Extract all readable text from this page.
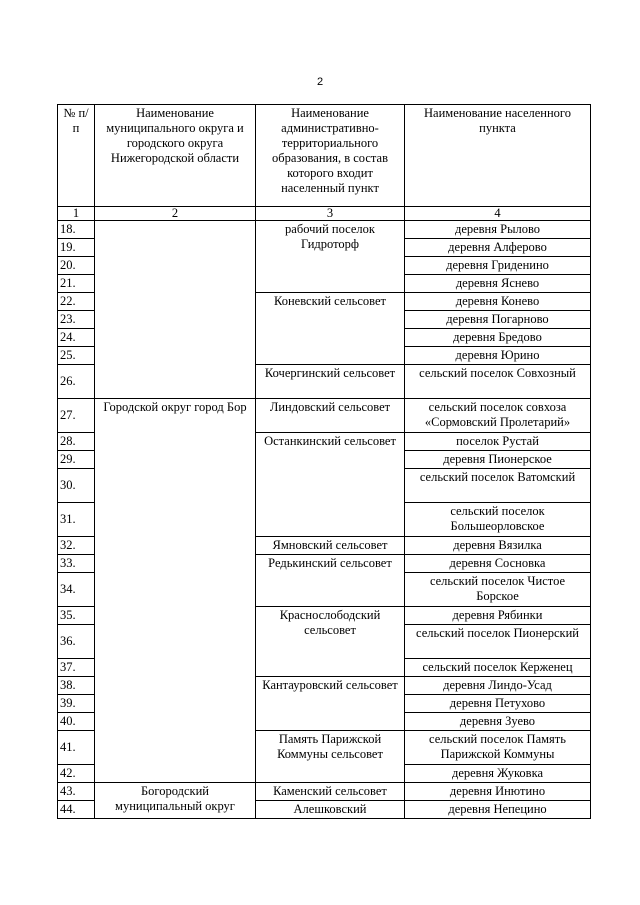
2
№ п/п	Наименование муниципального округа и городского округа Нижегородской области	Наименование административно-территориального образования, в состав которого входит населенный пункт	Наименование населенного пункта
1	2	3	4
18.		рабочий поселок Гидроторф	деревня Рылово
19.			деревня Алферово
20.			деревня Гриденино
21.			деревня Яснево
22.		Коневский сельсовет	деревня Конево
23.			деревня Погарново
24.			деревня Бредово
25.			деревня Юрино
26.		Кочергинский сельсовет	сельский поселок Совхозный
27.	Городской округ город Бор	Линдовский сельсовет	сельский поселок совхоза «Сормовский Пролетарий»
28.		Останкинский сельсовет	поселок Рустай
29.			деревня Пионерское
30.			сельский поселок Ватомский
31.			сельский поселок Большеорловское
32.		Ямновский сельсовет	деревня Вязилка
33.		Редькинский сельсовет	деревня Сосновка
34.			сельский поселок Чистое Борское
35.		Краснослободский сельсовет	деревня Рябинки
36.			сельский поселок Пионерский
37.			сельский поселок Керженец
38.		Кантауровский сельсовет	деревня Линдо-Усад
39.			деревня Петухово
40.			деревня Зуево
41.		Память Парижской Коммуны сельсовет	сельский поселок Память Парижской Коммуны
42.			деревня Жуковка
43.	Богородский муниципальный округ	Каменский сельсовет	деревня Инютино
44.		Алешковский	деревня Непецино
